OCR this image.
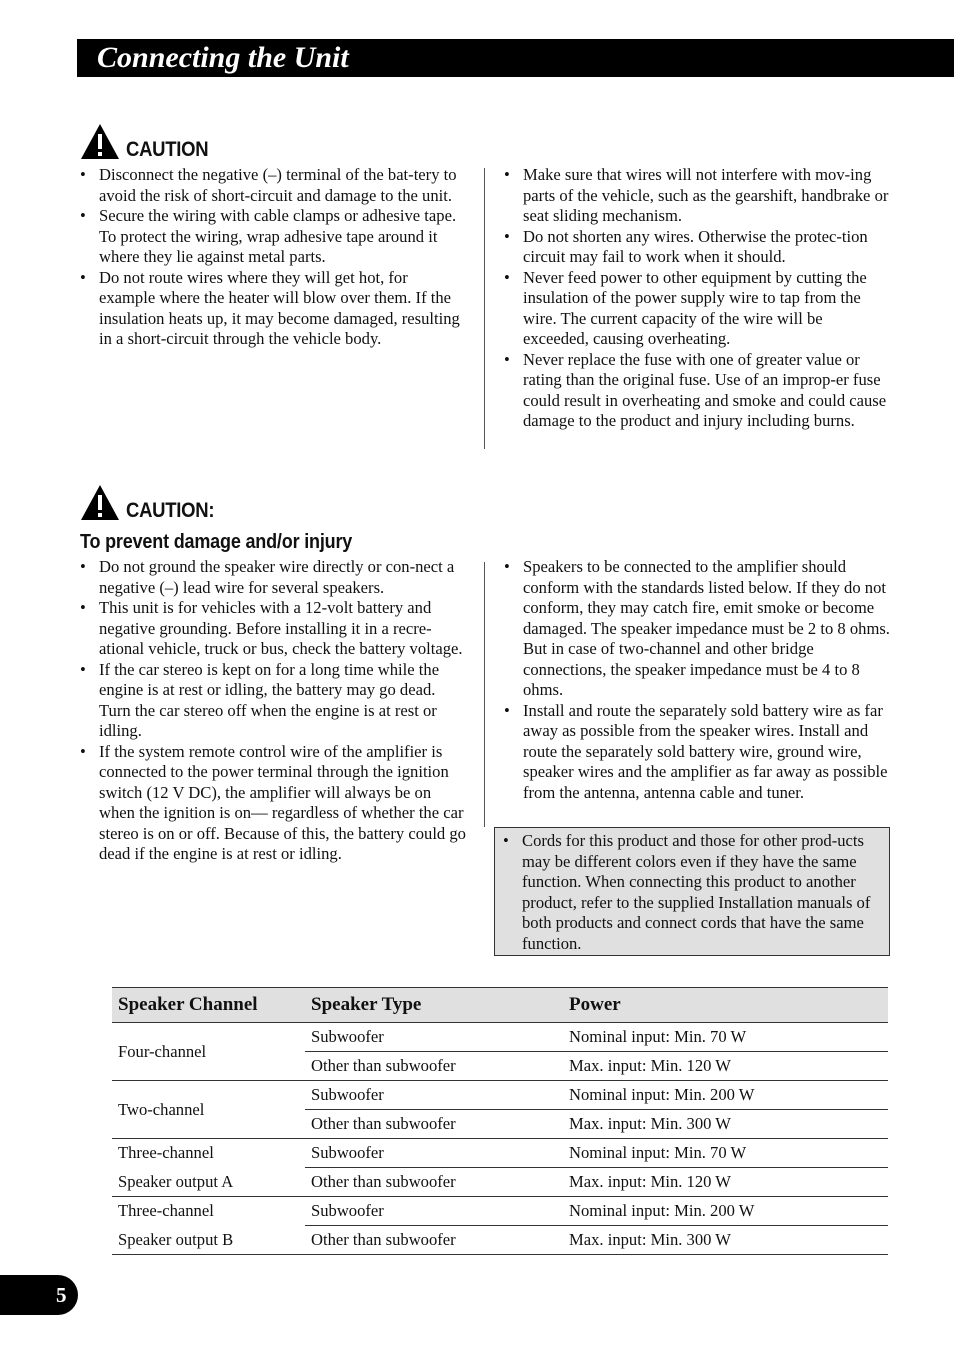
Connecting the Unit
CAUTION
• Disconnect the negative (–) terminal of the bat-tery to avoid the risk of short-circuit and damage to the unit.
• Secure the wiring with cable clamps or adhesive tape. To protect the wiring, wrap adhesive tape around it where they lie against metal parts.
• Do not route wires where they will get hot, for example where the heater will blow over them. If the insulation heats up, it may become damaged, resulting in a short-circuit through the vehicle body.
• Make sure that wires will not interfere with mov-ing parts of the vehicle, such as the gearshift, handbrake or seat sliding mechanism.
• Do not shorten any wires. Otherwise the protec-tion circuit may fail to work when it should.
• Never feed power to other equipment by cutting the insulation of the power supply wire to tap from the wire. The current capacity of the wire will be exceeded, causing overheating.
• Never replace the fuse with one of greater value or rating than the original fuse. Use of an improp-er fuse could result in overheating and smoke and could cause damage to the product and injury including burns.
CAUTION:
To prevent damage and/or injury
• Do not ground the speaker wire directly or con-nect a negative (–) lead wire for several speakers.
• This unit is for vehicles with a 12-volt battery and negative grounding. Before installing it in a recre-ational vehicle, truck or bus, check the battery voltage.
• If the car stereo is kept on for a long time while the engine is at rest or idling, the battery may go dead. Turn the car stereo off when the engine is at rest or idling.
• If the system remote control wire of the amplifier is connected to the power terminal through the ignition switch (12 V DC), the amplifier will always be on when the ignition is on— regardless of whether the car stereo is on or off. Because of this, the battery could go dead if the engine is at rest or idling.
• Speakers to be connected to the amplifier should conform with the standards listed below. If they do not conform, they may catch fire, emit smoke or become damaged. The speaker impedance must be 2 to 8 ohms. But in case of two-channel and other bridge connections, the speaker impedance must be 4 to 8 ohms.
• Install and route the separately sold battery wire as far away as possible from the speaker wires. Install and route the separately sold battery wire, ground wire, speaker wires and the amplifier as far away as possible from the antenna, antenna cable and tuner.
• Cords for this product and those for other prod-ucts may be different colors even if they have the same function. When connecting this product to another product, refer to the supplied Installation manuals of both products and connect cords that have the same function.
Speaker Channel	Speaker Type	Power
Four-channel	Subwoofer	Nominal input: Min. 70 W
	Other than subwoofer	Max. input: Min. 120 W
Two-channel	Subwoofer	Nominal input: Min. 200 W
	Other than subwoofer	Max. input: Min. 300 W
Three-channel	Subwoofer	Nominal input: Min. 70 W
Speaker output A	Other than subwoofer	Max. input: Min. 120 W
Three-channel	Subwoofer	Nominal input: Min. 200 W
Speaker output B	Other than subwoofer	Max. input: Min. 300 W
5
